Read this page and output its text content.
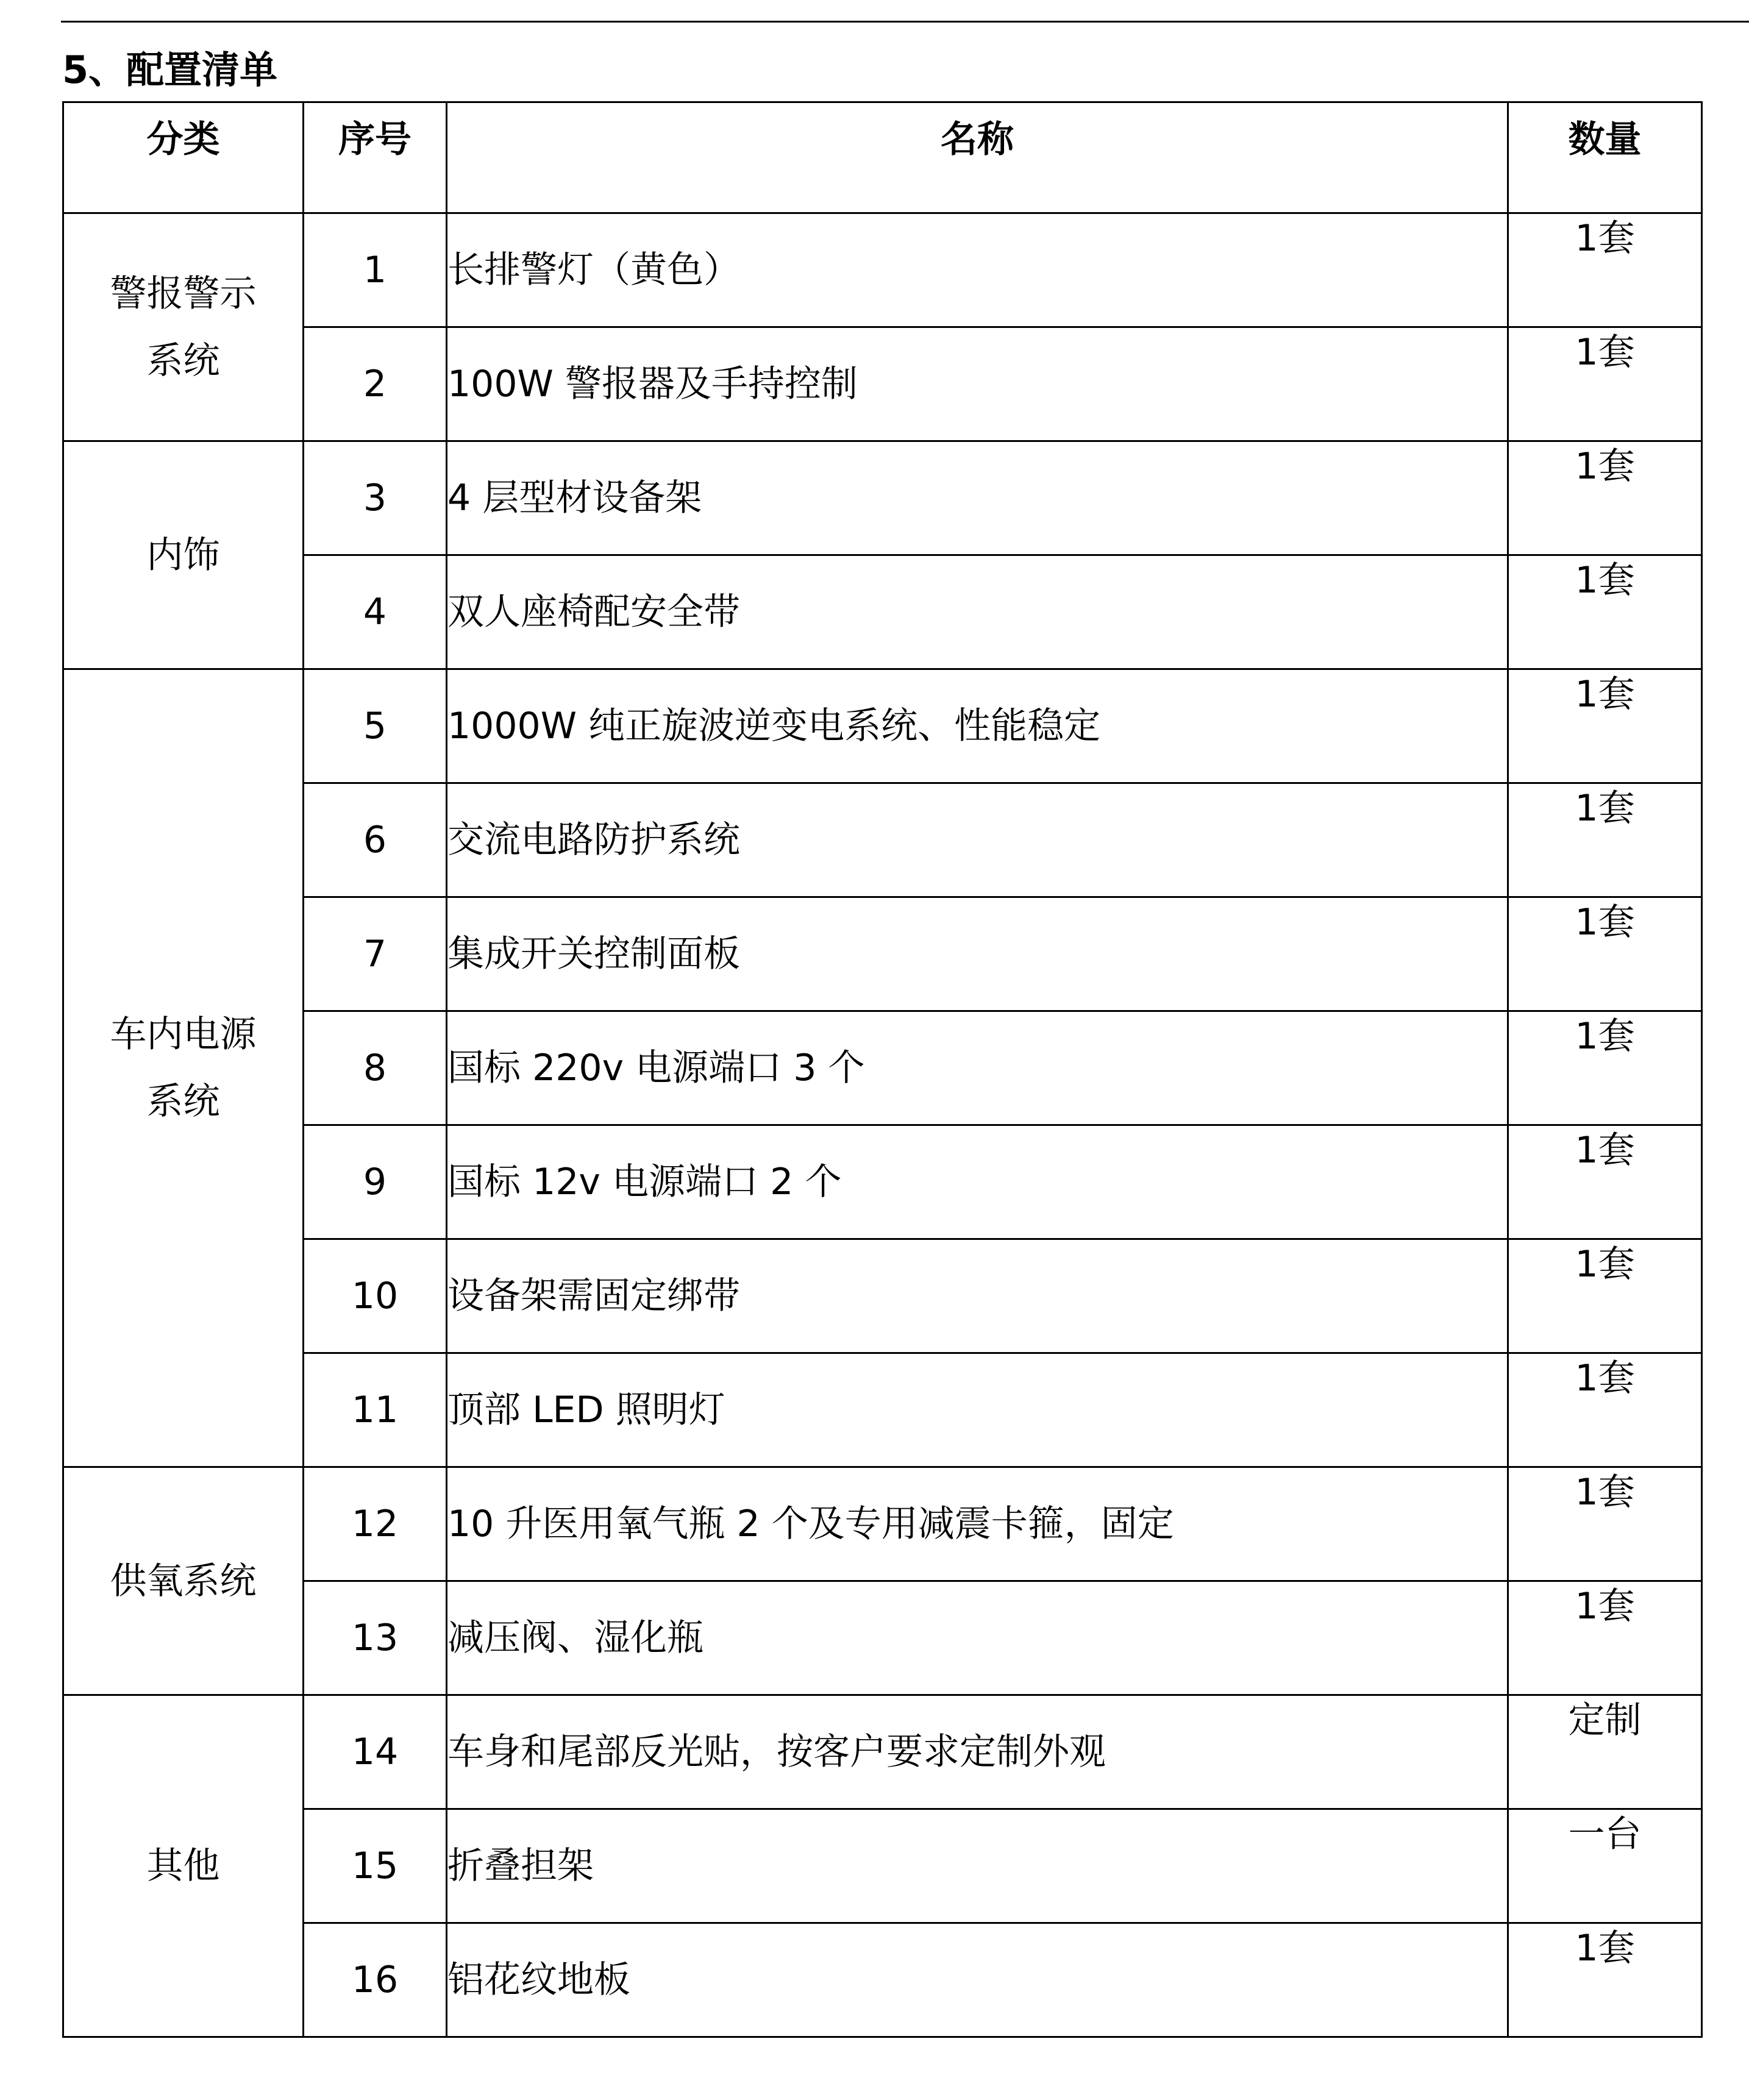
5、配置清单
分类	序号	名称	数量
警报警示系统	1	长排警灯（黄色）	1套
	2	100W 警报器及手持控制	1套
内饰	3	4 层型材设备架	1套
	4	双人座椅配安全带	1套
车内电源系统	5	1000W 纯正旋波逆变电系统、性能稳定	1套
	6	交流电路防护系统	1套
	7	集成开关控制面板	1套
	8	国标 220v 电源端口 3 个	1套
	9	国标 12v 电源端口 2 个	1套
	10	设备架需固定绑带	1套
	11	顶部 LED 照明灯	1套
供氧系统	12	10 升医用氧气瓶 2 个及专用减震卡箍，固定	1套
	13	减压阀、湿化瓶	1套
其他	14	车身和尾部反光贴，按客户要求定制外观	定制
	15	折叠担架	一台
	16	铝花纹地板	1套
